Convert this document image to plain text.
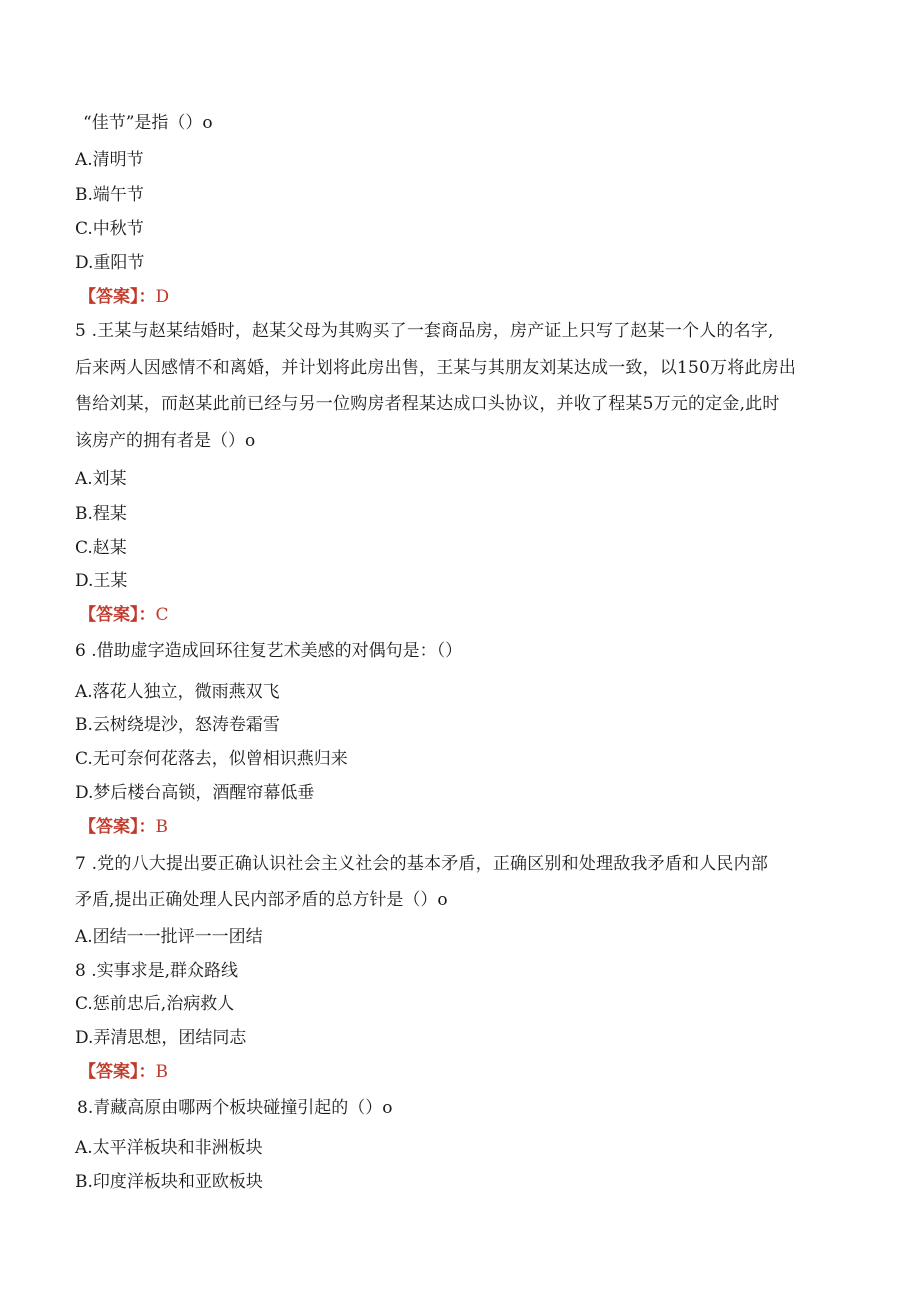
“佳节”是指（）o
A.清明节
B.端午节
C.中秋节
D.重阳节
【答案】：D
5 .王某与赵某结婚时，赵某父母为其购买了一套商品房，房产证上只写了赵某一个人的名字,
后来两人因感情不和离婚，并计划将此房出售，王某与其朋友刘某达成一致，以150万将此房出
售给刘某，而赵某此前已经与另一位购房者程某达成口头协议，并收了程某5万元的定金,此时
该房产的拥有者是（）o
A.刘某
B.程某
C.赵某
D.王某
【答案】：C
6 .借助虚字造成回环往复艺术美感的对偶句是：（）
A.落花人独立，微雨燕双飞
B.云树绕堤沙，怒涛卷霜雪
C.无可奈何花落去，似曾相识燕归来
D.梦后楼台高锁，酒醒帘幕低垂
【答案】：B
7 .党的八大提出要正确认识社会主义社会的基本矛盾，正确区别和处理敌我矛盾和人民内部
矛盾,提出正确处理人民内部矛盾的总方针是（）o
A.团结一一批评一一团结
8 .实事求是,群众路线
C.惩前忠后,治病救人
D.弄清思想，团结同志
【答案】：B
8.青藏高原由哪两个板块碰撞引起的（）o
A.太平洋板块和非洲板块
B.印度洋板块和亚欧板块
